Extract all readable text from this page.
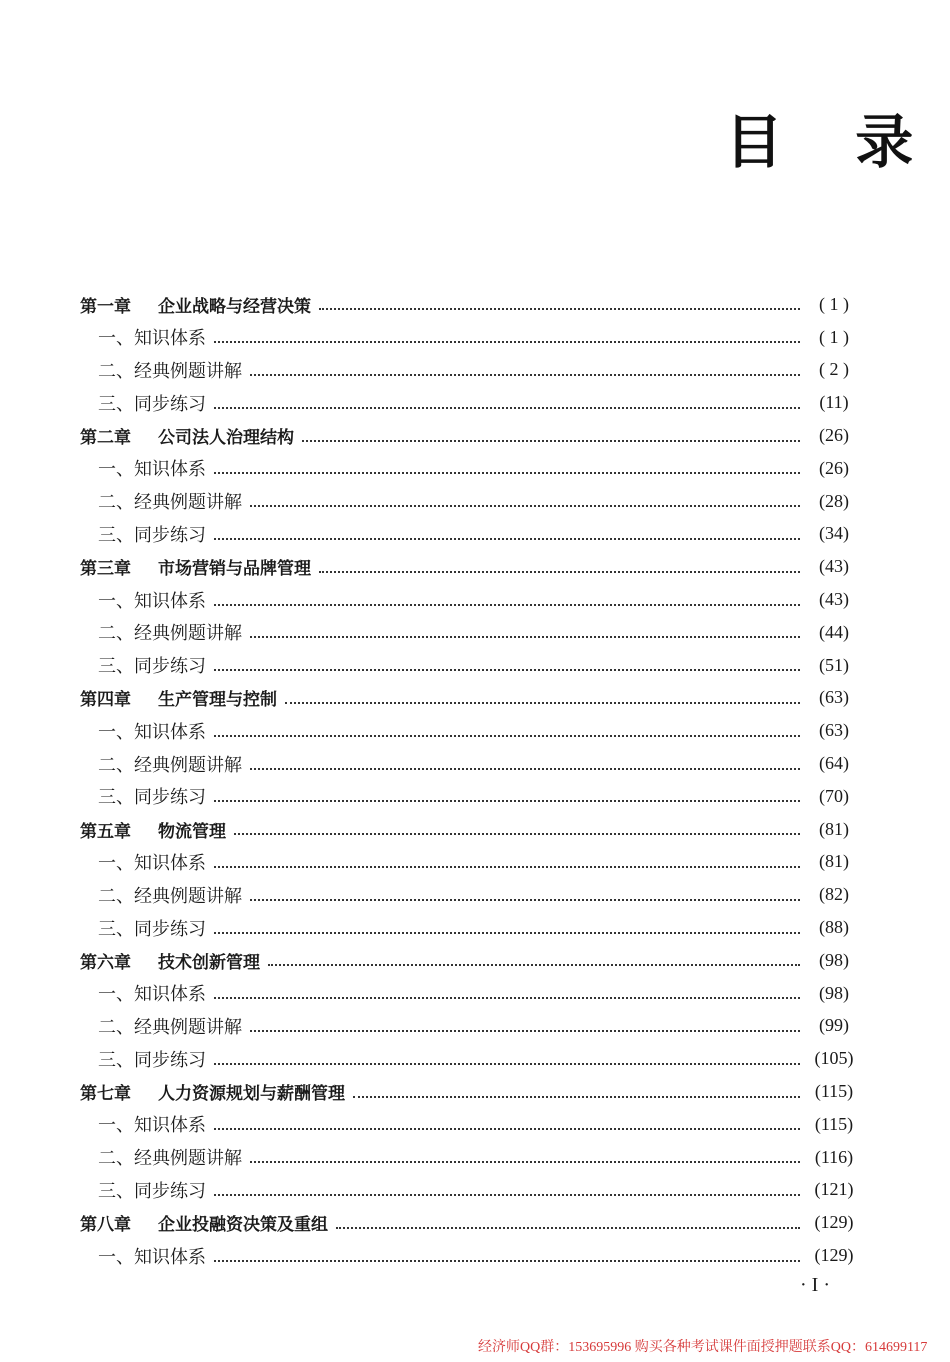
目 录
第一章	企业战略与经营决策	( 1 )
一、知识体系	( 1 )
二、经典例题讲解	( 2 )
三、同步练习	(11)
第二章	公司法人治理结构	(26)
一、知识体系	(26)
二、经典例题讲解	(28)
三、同步练习	(34)
第三章	市场营销与品牌管理	(43)
一、知识体系	(43)
二、经典例题讲解	(44)
三、同步练习	(51)
第四章	生产管理与控制	(63)
一、知识体系	(63)
二、经典例题讲解	(64)
三、同步练习	(70)
第五章	物流管理	(81)
一、知识体系	(81)
二、经典例题讲解	(82)
三、同步练习	(88)
第六章	技术创新管理	(98)
一、知识体系	(98)
二、经典例题讲解	(99)
三、同步练习	(105)
第七章	人力资源规划与薪酬管理	(115)
一、知识体系	(115)
二、经典例题讲解	(116)
三、同步练习	(121)
第八章	企业投融资决策及重组	(129)
一、知识体系	(129)
· I ·
经济师QQ群：153695996 购买各种考试课件面授押题联系QQ：614699117
